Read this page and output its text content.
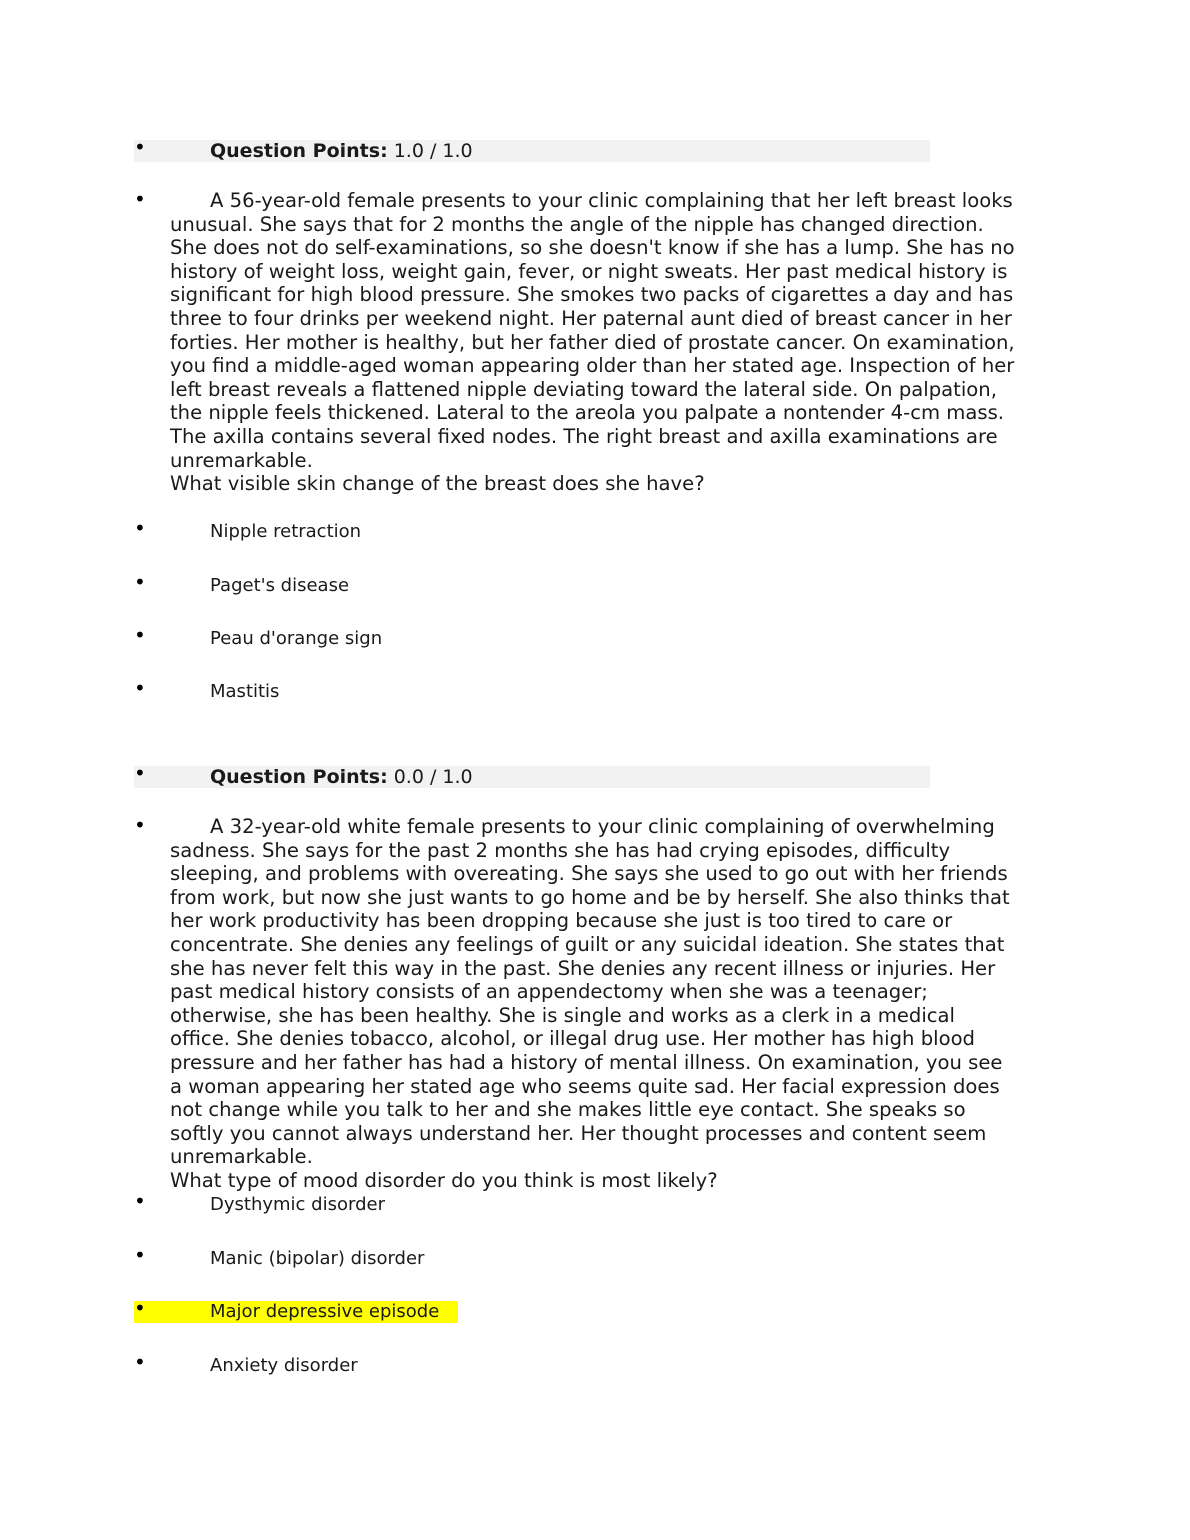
•	Question Points: 1.0 / 1.0
•	A 56-year-old female presents to your clinic complaining that her left breast looks unusual. She says that for 2 months the angle of the nipple has changed direction. She does not do self-examinations, so she doesn't know if she has a lump. She has no history of weight loss, weight gain, fever, or night sweats. Her past medical history is significant for high blood pressure. She smokes two packs of cigarettes a day and has three to four drinks per weekend night. Her paternal aunt died of breast cancer in her forties. Her mother is healthy, but her father died of prostate cancer. On examination, you find a middle-aged woman appearing older than her stated age. Inspection of her left breast reveals a flattened nipple deviating toward the lateral side. On palpation, the nipple feels thickened. Lateral to the areola you palpate a nontender 4-cm mass. The axilla contains several fixed nodes. The right breast and axilla examinations are unremarkable.
What visible skin change of the breast does she have?
•	Nipple retraction
•	Paget's disease
•	Peau d'orange sign
•	Mastitis
•	Question Points: 0.0 / 1.0
•	A 32-year-old white female presents to your clinic complaining of overwhelming sadness. She says for the past 2 months she has had crying episodes, difficulty sleeping, and problems with overeating. She says she used to go out with her friends from work, but now she just wants to go home and be by herself. She also thinks that her work productivity has been dropping because she just is too tired to care or concentrate. She denies any feelings of guilt or any suicidal ideation. She states that she has never felt this way in the past. She denies any recent illness or injuries. Her past medical history consists of an appendectomy when she was a teenager; otherwise, she has been healthy. She is single and works as a clerk in a medical office. She denies tobacco, alcohol, or illegal drug use. Her mother has high blood pressure and her father has had a history of mental illness. On examination, you see a woman appearing her stated age who seems quite sad. Her facial expression does not change while you talk to her and she makes little eye contact. She speaks so softly you cannot always understand her. Her thought processes and content seem unremarkable.
What type of mood disorder do you think is most likely?
•	Dysthymic disorder
•	Manic (bipolar) disorder
•	Major depressive episode
•	Anxiety disorder
